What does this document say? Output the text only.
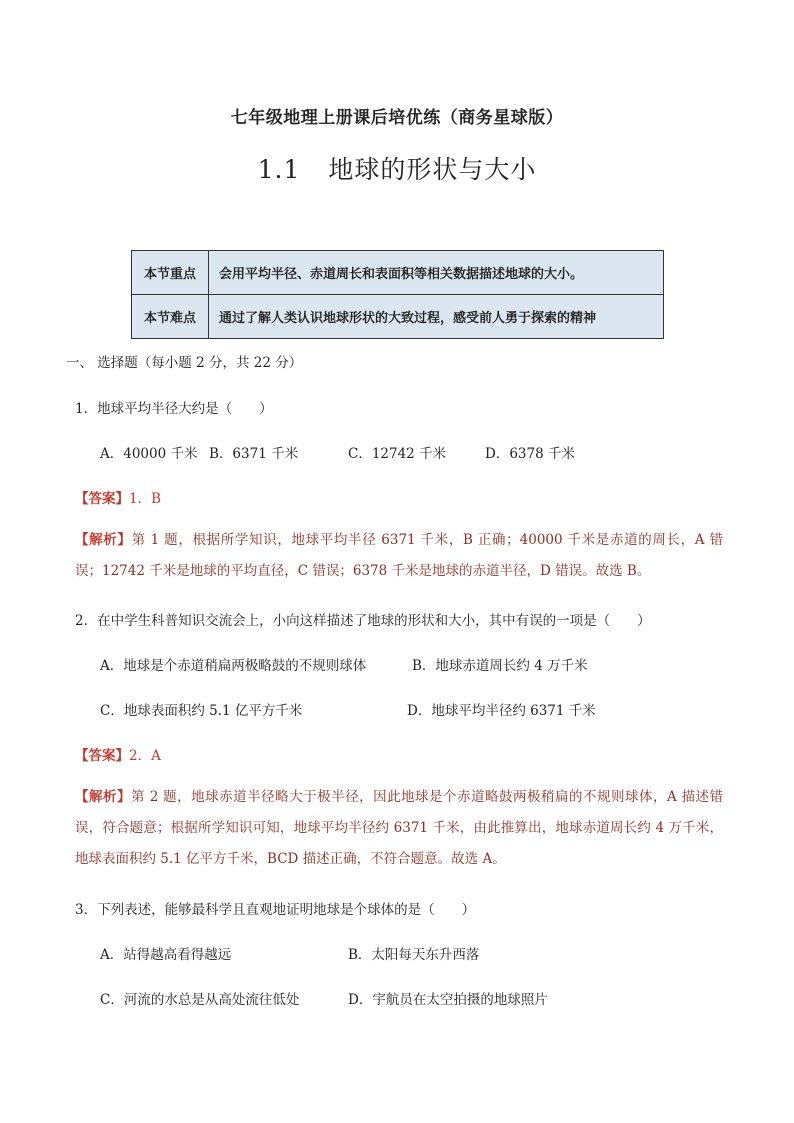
七年级地理上册课后培优练（商务星球版）
1.1 地球的形状与大小
本节重点	会用平均半径、赤道周长和表面积等相关数据描述地球的大小。
本节难点	通过了解人类认识地球形状的大致过程，感受前人勇于探索的精神
一、 选择题（每小题 2 分，共 22 分）
1．地球平均半径大约是（　　）
A．40000 千米 B．6371 千米	C．12742 千米	D．6378 千米
【答案】1．B
【解析】第 1 题，根据所学知识，地球平均半径 6371 千米，B 正确；40000 千米是赤道的周长，A 错误；12742 千米是地球的平均直径，C 错误；6378 千米是地球的赤道半径，D 错误。故选 B。
2．在中学生科普知识交流会上，小向这样描述了地球的形状和大小，其中有误的一项是（　　）
A．地球是个赤道稍扁两极略鼓的不规则球体	B．地球赤道周长约 4 万千米
C．地球表面积约 5.1 亿平方千米	D．地球平均半径约 6371 千米
【答案】2．A
【解析】第 2 题，地球赤道半径略大于极半径，因此地球是个赤道略鼓两极稍扁的不规则球体，A 描述错误，符合题意；根据所学知识可知，地球平均半径约 6371 千米，由此推算出，地球赤道周长约 4 万千米，地球表面积约 5.1 亿平方千米，BCD 描述正确，不符合题意。故选 A。
3．下列表述，能够最科学且直观地证明地球是个球体的是（　　）
A．站得越高看得越远	B．太阳每天东升西落
C．河流的水总是从高处流往低处	D．宇航员在太空拍摄的地球照片
